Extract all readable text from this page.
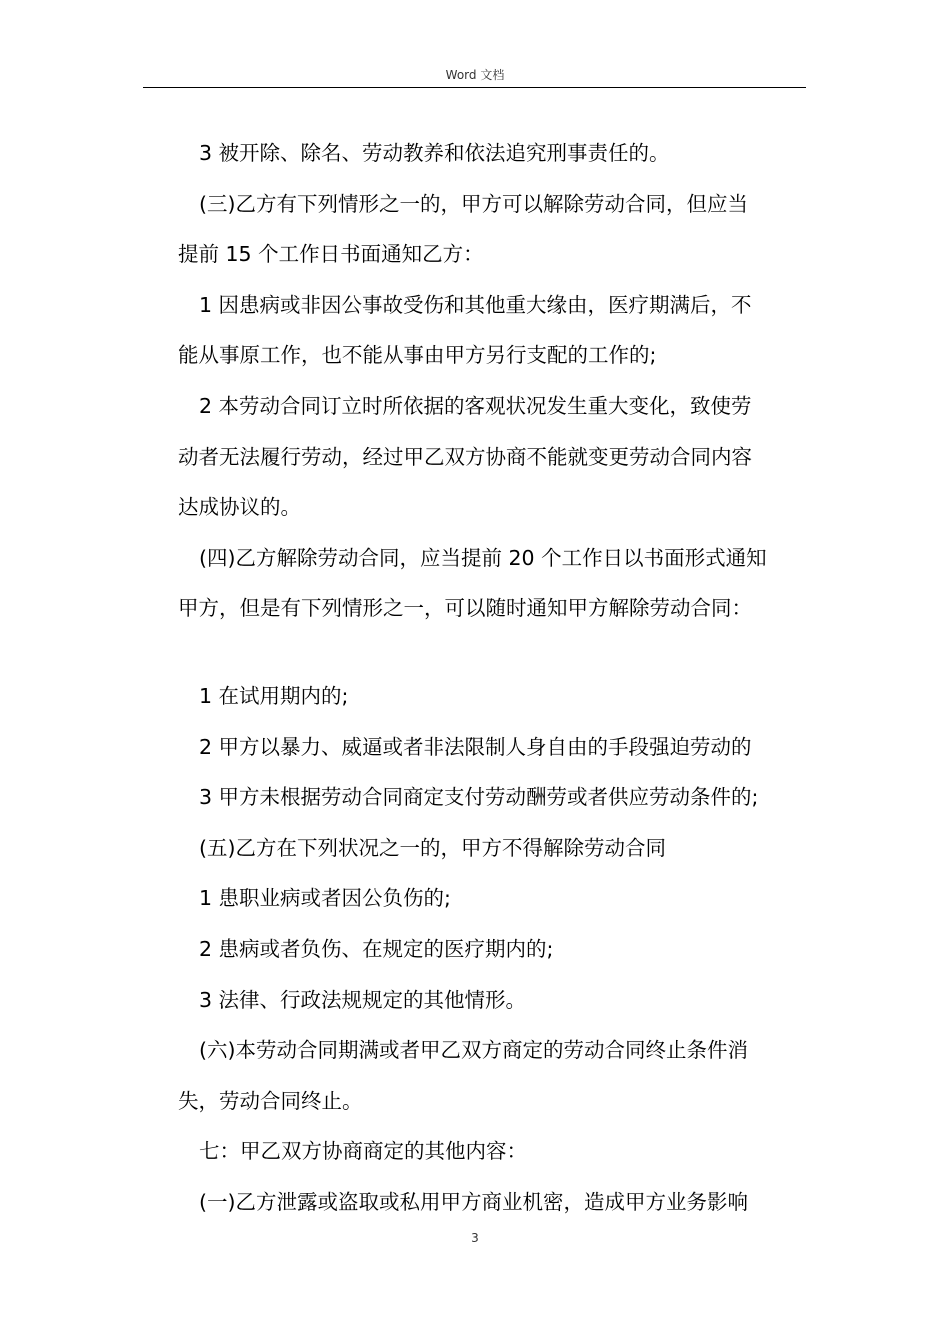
Word 文档
3 被开除、除名、劳动教养和依法追究刑事责任的。
(三)乙方有下列情形之一的，甲方可以解除劳动合同，但应当
提前 15 个工作日书面通知乙方：
1 因患病或非因公事故受伤和其他重大缘由，医疗期满后，不
能从事原工作，也不能从事由甲方另行支配的工作的;
2 本劳动合同订立时所依据的客观状况发生重大变化，致使劳
动者无法履行劳动，经过甲乙双方协商不能就变更劳动合同内容
达成协议的。
(四)乙方解除劳动合同，应当提前 20 个工作日以书面形式通知
甲方，但是有下列情形之一，可以随时通知甲方解除劳动合同：
1 在试用期内的;
2 甲方以暴力、威逼或者非法限制人身自由的手段强迫劳动的
3 甲方未根据劳动合同商定支付劳动酬劳或者供应劳动条件的;
(五)乙方在下列状况之一的，甲方不得解除劳动合同
1 患职业病或者因公负伤的;
2 患病或者负伤、在规定的医疗期内的;
3 法律、行政法规规定的其他情形。
(六)本劳动合同期满或者甲乙双方商定的劳动合同终止条件消
失，劳动合同终止。
七：甲乙双方协商商定的其他内容：
(一)乙方泄露或盗取或私用甲方商业机密，造成甲方业务影响
3
